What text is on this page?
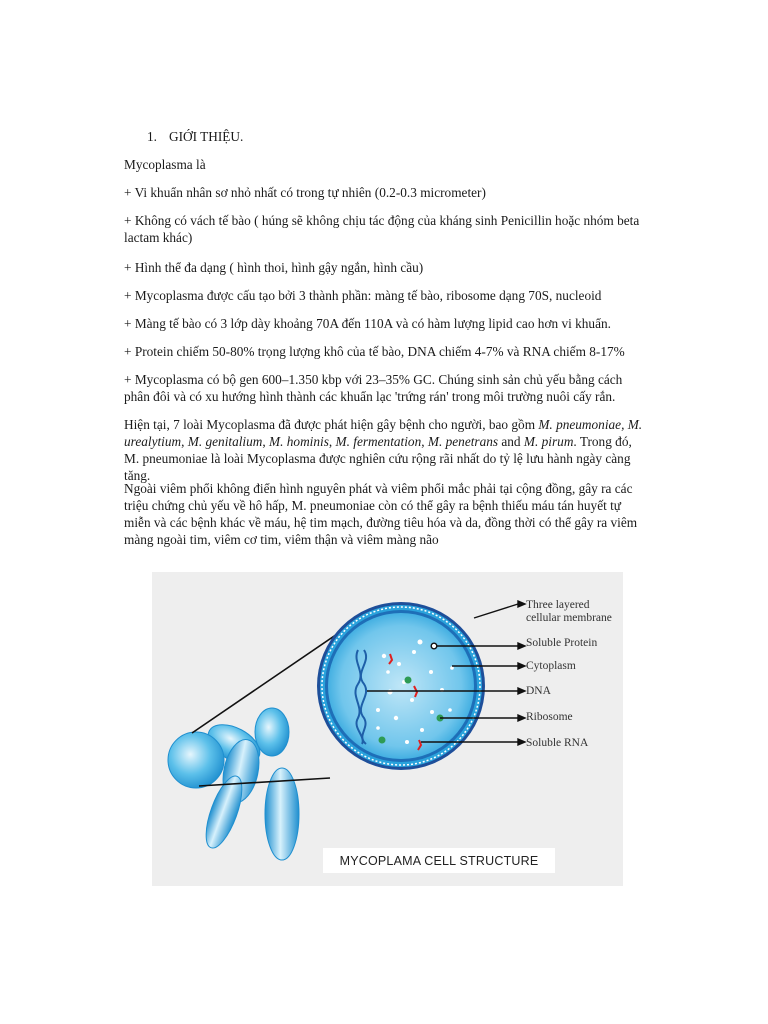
1. GIỚI THIỆU.

Mycoplasma là

+ Vi khuẩn nhân sơ nhỏ nhất có trong tự nhiên (0.2-0.3 micrometer)

+ Không có vách tế bào ( húng sẽ không chịu tác động của kháng sinh Penicillin hoặc nhóm beta lactam khác)

+ Hình thể đa dạng ( hình thoi, hình gậy ngắn, hình cầu)

+ Mycoplasma được cấu tạo bởi 3 thành phần: màng tế bào, ribosome dạng 70S, nucleoid

+ Màng tế bào có 3 lớp dày khoảng 70A đến 110A và có hàm lượng lipid cao hơn vi khuẩn.

+ Protein chiếm 50-80% trọng lượng khô của tế bào, DNA chiếm 4-7% và RNA chiếm 8-17%

+ Mycoplasma có bộ gen 600–1.350 kbp với 23–35% GC. Chúng sinh sản chủ yếu bằng cách phân đôi và có xu hướng hình thành các khuẩn lạc 'trứng rán' trong môi trường nuôi cấy rắn.

Hiện tại, 7 loài Mycoplasma đã được phát hiện gây bệnh cho người, bao gồm M. pneumoniae, M. urealytium, M. genitalium, M. hominis, M. fermentation, M. penetrans and M. pirum. Trong đó, M. pneumoniae là loài Mycoplasma được nghiên cứu rộng rãi nhất do tỷ lệ lưu hành ngày càng tăng.

Ngoài viêm phổi không điển hình nguyên phát và viêm phổi mắc phải tại cộng đồng, gây ra các triệu chứng chủ yếu về hô hấp, M. pneumoniae còn có thể gây ra bệnh thiếu máu tán huyết tự miễn và các bệnh khác về máu, hệ tim mạch, đường tiêu hóa và da, đồng thời có thể gây ra viêm màng ngoài tim, viêm cơ tim, viêm thận và viêm màng não

Three layered
cellular membrane
Soluble Protein
Cytoplasm
DNA
Ribosome
Soluble RNA
MYCOPLAMA CELL STRUCTURE
